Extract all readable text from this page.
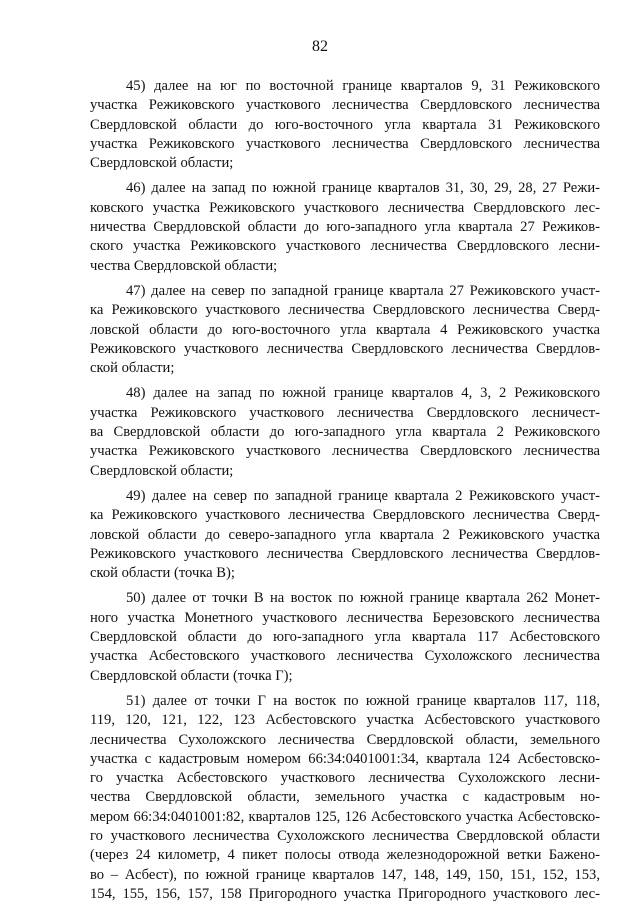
82
45) далее на юг по восточной границе кварталов 9, 31 Режиковского
участка Режиковского участкового лесничества Свердловского лесничества
Свердловской области до юго-восточного угла квартала 31 Режиковского
участка Режиковского участкового лесничества Свердловского лесничества
Свердловской области;
46) далее на запад по южной границе кварталов 31, 30, 29, 28, 27 Режи-
ковского участка Режиковского участкового лесничества Свердловского лес-
ничества Свердловской области до юго-западного угла квартала 27 Режиков-
ского участка Режиковского участкового лесничества Свердловского лесни-
чества Свердловской области;
47) далее на север по западной границе квартала 27 Режиковского участ-
ка Режиковского участкового лесничества Свердловского лесничества Сверд-
ловской области до юго-восточного угла квартала 4 Режиковского участка
Режиковского участкового лесничества Свердловского лесничества Свердлов-
ской области;
48) далее на запад по южной границе кварталов 4, 3, 2 Режиковского
участка Режиковского участкового лесничества Свердловского лесничест-
ва Свердловской области до юго-западного угла квартала 2 Режиковского
участка Режиковского участкового лесничества Свердловского лесничества
Свердловской области;
49) далее на север по западной границе квартала 2 Режиковского участ-
ка Режиковского участкового лесничества Свердловского лесничества Сверд-
ловской области до северо-западного угла квартала 2 Режиковского участка
Режиковского участкового лесничества Свердловского лесничества Свердлов-
ской области (точка В);
50) далее от точки В на восток по южной границе квартала 262 Монет-
ного участка Монетного участкового лесничества Березовского лесничества
Свердловской области до юго-западного угла квартала 117 Асбестовского
участка Асбестовского участкового лесничества Сухоложского лесничества
Свердловской области (точка Г);
51) далее от точки Г на восток по южной границе кварталов 117, 118,
119, 120, 121, 122, 123 Асбестовского участка Асбестовского участкового
лесничества Сухоложского лесничества Свердловской области, земельного
участка с кадастровым номером 66:34:0401001:34, квартала 124 Асбестовско-
го участка Асбестовского участкового лесничества Сухоложского лесни-
чества Свердловской области, земельного участка с кадастровым но-
мером 66:34:0401001:82, кварталов 125, 126 Асбестовского участка Асбестовско-
го участкового лесничества Сухоложского лесничества Свердловской области
(через 24 километр, 4 пикет полосы отвода железнодорожной ветки Бажено-
во – Асбест), по южной границе кварталов 147, 148, 149, 150, 151, 152, 153,
154, 155, 156, 157, 158 Пригородного участка Пригородного участкового лес-
